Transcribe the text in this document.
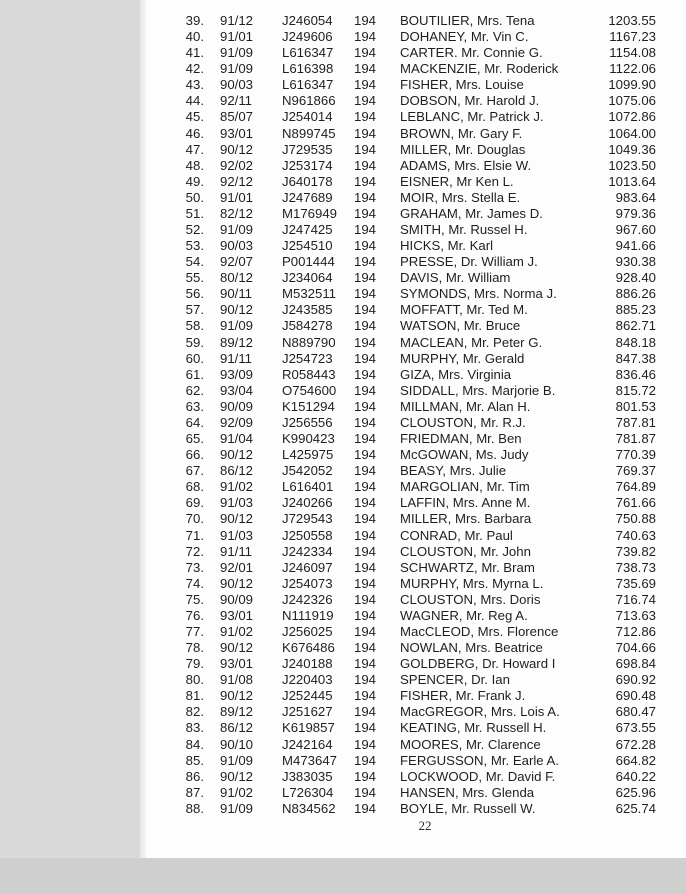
39. 91/12 J246054 194 BOUTILIER, Mrs. Tena	1203.55
40. 91/01 J249606 194 DOHANEY, Mr. Vin C.	1167.23
41. 91/09 L616347 194 CARTER. Mr. Connie G.	1154.08
42. 91/09 L616398 194 MACKENZIE, Mr. Roderick	1122.06
43. 90/03 L616347 194 FISHER, Mrs. Louise	1099.90
44. 92/11 N961866 194 DOBSON, Mr. Harold J.	1075.06
45. 85/07 J254014 194 LEBLANC, Mr. Patrick J.	1072.86
46. 93/01 N899745 194 BROWN, Mr. Gary F.	1064.00
47. 90/12 J729535 194 MILLER, Mr. Douglas	1049.36
48. 92/02 J253174 194 ADAMS, Mrs. Elsie W.	1023.50
49. 92/12 J640178 194 EISNER, Mr Ken L.	1013.64
50. 91/01 J247689 194 MOIR, Mrs. Stella E.	983.64
51. 82/12 M176949 194 GRAHAM, Mr. James D.	979.36
52. 91/09 J247425 194 SMITH, Mr. Russel H.	967.60
53. 90/03 J254510 194 HICKS, Mr. Karl	941.66
54. 92/07 P001444 194 PRESSE, Dr. William J.	930.38
55. 80/12 J234064 194 DAVIS, Mr. William	928.40
56. 90/11 M532511 194 SYMONDS, Mrs. Norma J.	886.26
57. 90/12 J243585 194 MOFFATT, Mr. Ted M.	885.23
58. 91/09 J584278 194 WATSON, Mr. Bruce	862.71
59. 89/12 N889790 194 MACLEAN, Mr. Peter G.	848.18
60. 91/11 J254723 194 MURPHY, Mr. Gerald	847.38
61. 93/09 R058443 194 GIZA, Mrs. Virginia	836.46
62. 93/04 O754600 194 SIDDALL, Mrs. Marjorie B.	815.72
63. 90/09 K151294 194 MILLMAN, Mr. Alan H.	801.53
64. 92/09 J256556 194 CLOUSTON, Mr. R.J.	787.81
65. 91/04 K990423 194 FRIEDMAN, Mr. Ben	781.87
66. 90/12 L425975 194 McGOWAN, Ms. Judy	770.39
67. 86/12 J542052 194 BEASY, Mrs. Julie	769.37
68. 91/02 L616401 194 MARGOLIAN, Mr. Tim	764.89
69. 91/03 J240266 194 LAFFIN, Mrs. Anne M.	761.66
70. 90/12 J729543 194 MILLER, Mrs. Barbara	750.88
71. 91/03 J250558 194 CONRAD, Mr. Paul	740.63
72. 91/11 J242334 194 CLOUSTON, Mr. John	739.82
73. 92/01 J246097 194 SCHWARTZ, Mr. Bram	738.73
74. 90/12 J254073 194 MURPHY, Mrs. Myrna L.	735.69
75. 90/09 J242326 194 CLOUSTON, Mrs. Doris	716.74
76. 93/01 N111919 194 WAGNER, Mr. Reg A.	713.63
77. 91/02 J256025 194 MacCLEOD, Mrs. Florence	712.86
78. 90/12 K676486 194 NOWLAN, Mrs. Beatrice	704.66
79. 93/01 J240188 194 GOLDBERG, Dr. Howard I	698.84
80. 91/08 J220403 194 SPENCER, Dr. Ian	690.92
81. 90/12 J252445 194 FISHER, Mr. Frank J.	690.48
82. 89/12 J251627 194 MacGREGOR, Mrs. Lois A.	680.47
83. 86/12 K619857 194 KEATING, Mr. Russell H.	673.55
84. 90/10 J242164 194 MOORES, Mr. Clarence	672.28
85. 91/09 M473647 194 FERGUSSON, Mr. Earle A.	664.82
86. 90/12 J383035 194 LOCKWOOD, Mr. David F.	640.22
87. 91/02 L726304 194 HANSEN, Mrs. Glenda	625.96
88. 91/09 N834562 194 BOYLE, Mr. Russell W.	625.74
22
